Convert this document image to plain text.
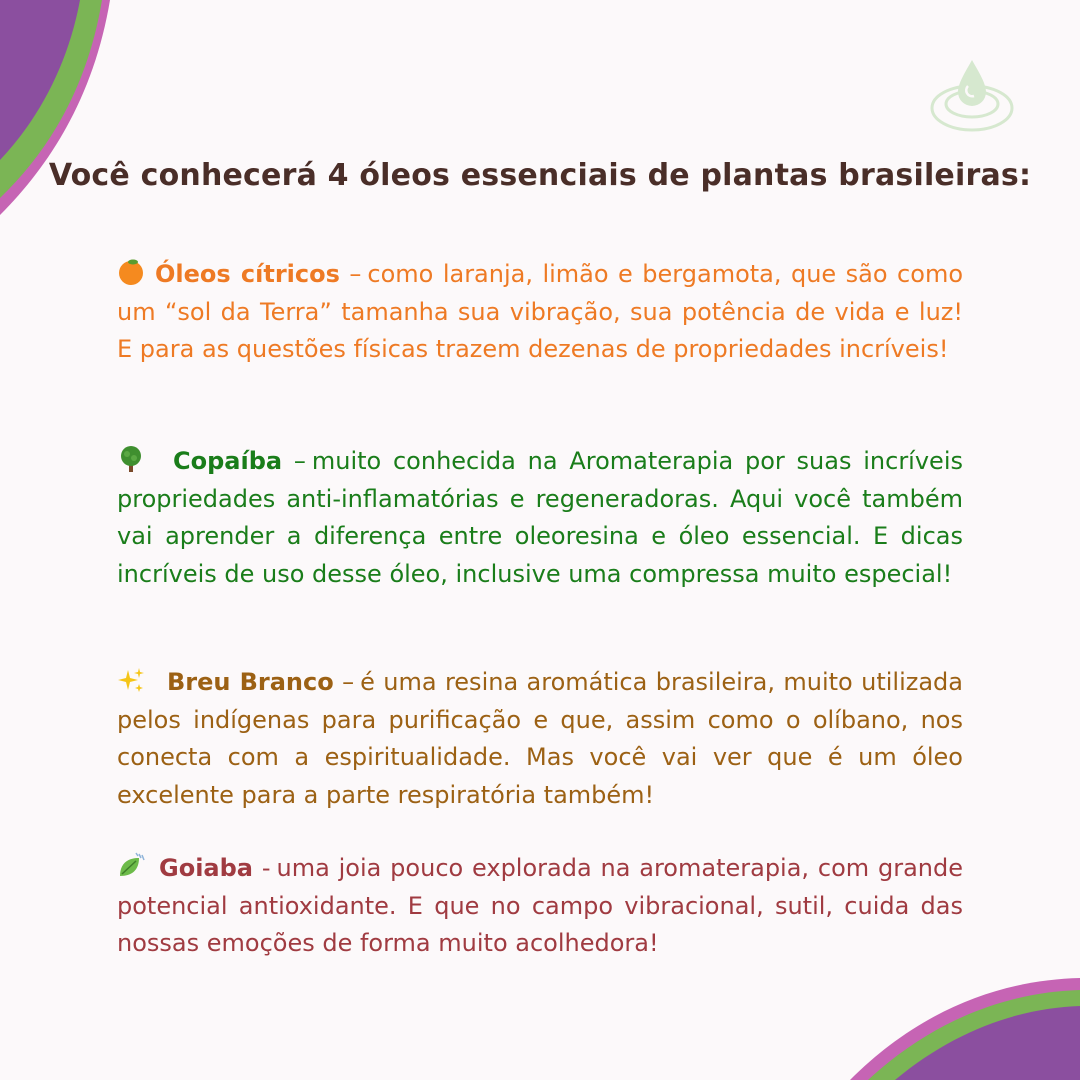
Você conhecerá 4 óleos essenciais de plantas brasileiras:

Óleos cítricos – como laranja, limão e bergamota, que são como um “sol da Terra” tamanha sua vibração, sua potência de vida e luz! E para as questões físicas trazem dezenas de propriedades incríveis!

Copaíba – muito conhecida na Aromaterapia por suas incríveis propriedades anti-inflamatórias e regeneradoras. Aqui você também vai aprender a diferença entre oleoresina e óleo essencial. E dicas incríveis de uso desse óleo, inclusive uma compressa muito especial!

Breu Branco – é uma resina aromática brasileira, muito utilizada pelos indígenas para purificação e que, assim como o olíbano, nos conecta com a espiritualidade. Mas você vai ver que é um óleo excelente para a parte respiratória também!

Goiaba - uma joia pouco explorada na aromaterapia, com grande potencial antioxidante. E que no campo vibracional, sutil, cuida das nossas emoções de forma muito acolhedora!
